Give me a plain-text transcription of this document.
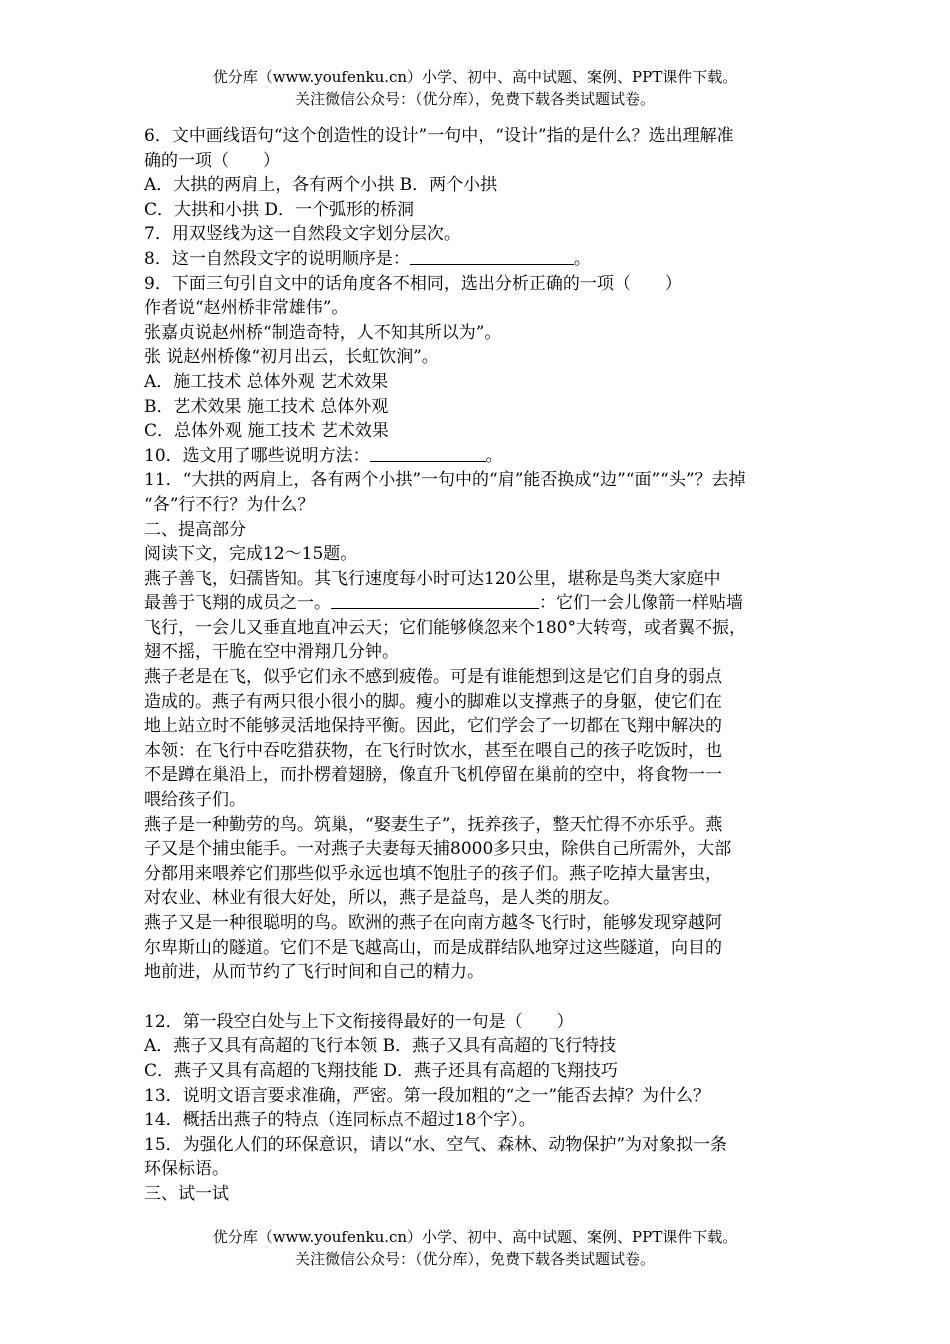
优分库（www.youfenku.cn）小学、初中、高中试题、案例、PPT课件下载。
关注微信公众号：（优分库），免费下载各类试题试卷。

6．文中画线语句“这个创造性的设计”一句中，“设计”指的是什么？选出理解准

确的一项（　　）

A．大拱的两肩上，各有两个小拱 B．两个小拱

C．大拱和小拱 D．一个弧形的桥洞

7．用双竖线为这一自然段文字划分层次。

8．这一自然段文字的说明顺序是：	。

9．下面三句引自文中的话角度各不相同，选出分析正确的一项（　　）

作者说“赵州桥非常雄伟”。

张嘉贞说赵州桥“制造奇特，人不知其所以为”。

张 说赵州桥像“初月出云，长虹饮涧”。

A．施工技术 总体外观 艺术效果

B．艺术效果 施工技术 总体外观

C．总体外观 施工技术 艺术效果

10．选文用了哪些说明方法：	。

11．“大拱的两肩上，各有两个小拱”一句中的“肩”能否换成“边”“面”“头”？去掉

“各”行不行？为什么？

二、提高部分

阅读下文，完成12～15题。

燕子善飞，妇孺皆知。其飞行速度每小时可达120公里，堪称是鸟类大家庭中

最善于飞翔的成员之一。	：它们一会儿像箭一样贴墙

飞行，一会儿又垂直地直冲云天；它们能够倏忽来个180°大转弯，或者翼不振，

翅不摇，干脆在空中滑翔几分钟。

燕子老是在飞，似乎它们永不感到疲倦。可是有谁能想到这是它们自身的弱点

造成的。燕子有两只很小很小的脚。瘦小的脚难以支撑燕子的身躯，使它们在

地上站立时不能够灵活地保持平衡。因此，它们学会了一切都在飞翔中解决的

本领：在飞行中吞吃猎获物，在飞行时饮水，甚至在喂自己的孩子吃饭时，也

不是蹲在巢沿上，而扑楞着翅膀，像直升飞机停留在巢前的空中，将食物一一

喂给孩子们。

燕子是一种勤劳的鸟。筑巢，“娶妻生子”，抚养孩子，整天忙得不亦乐乎。燕

子又是个捕虫能手。一对燕子夫妻每天捕8000多只虫，除供自己所需外，大部

分都用来喂养它们那些似乎永远也填不饱肚子的孩子们。燕子吃掉大量害虫，

对农业、林业有很大好处，所以，燕子是益鸟，是人类的朋友。

燕子又是一种很聪明的鸟。欧洲的燕子在向南方越冬飞行时，能够发现穿越阿

尔卑斯山的隧道。它们不是飞越高山，而是成群结队地穿过这些隧道，向目的

地前进，从而节约了飞行时间和自己的精力。

12．第一段空白处与上下文衔接得最好的一句是（　　）

A．燕子又具有高超的飞行本领 B．燕子又具有高超的飞行特技

C．燕子又具有高超的飞翔技能 D．燕子还具有高超的飞翔技巧

13．说明文语言要求准确，严密。第一段加粗的“之一”能否去掉？为什么？

14．概括出燕子的特点（连同标点不超过18个字）。

15．为强化人们的环保意识，请以“水、空气、森林、动物保护”为对象拟一条

环保标语。

三、试一试

优分库（www.youfenku.cn）小学、初中、高中试题、案例、PPT课件下载。
关注微信公众号：（优分库），免费下载各类试题试卷。
